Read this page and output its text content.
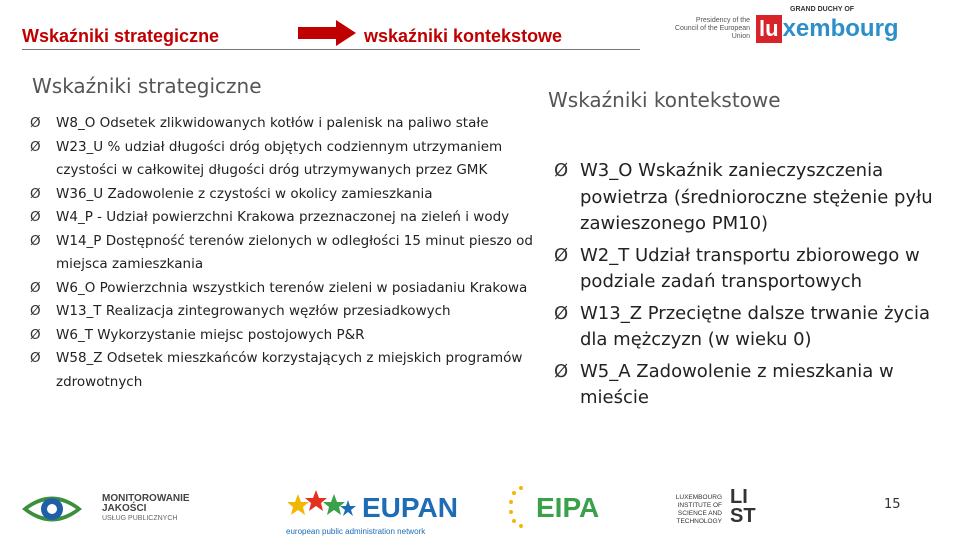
Wskaźniki strategiczne	wskaźniki kontekstowe
Presidency of the Council of the European Union
GRAND DUCHY OF
lu xembourg
Wskaźniki strategiczne
Wskaźniki kontekstowe
Ø W8_O Odsetek zlikwidowanych kotłów i palenisk na paliwo stałe
Ø W23_U % udział długości dróg objętych codziennym utrzymaniem czystości w całkowitej długości dróg utrzymywanych przez GMK
Ø W36_U Zadowolenie z czystości w okolicy zamieszkania
Ø W4_P - Udział powierzchni Krakowa przeznaczonej na zieleń i wody
Ø W14_P Dostępność terenów zielonych w odległości 15 minut pieszo od miejsca zamieszkania
Ø W6_O Powierzchnia wszystkich terenów zieleni w posiadaniu Krakowa
Ø W13_T Realizacja zintegrowanych węzłów przesiadkowych
Ø W6_T Wykorzystanie miejsc postojowych P&R
Ø W58_Z Odsetek mieszkańców korzystających z miejskich programów zdrowotnych
Ø W3_O Wskaźnik zanieczyszczenia powietrza (średnioroczne stężenie pyłu zawieszonego PM10)
Ø W2_T Udział transportu zbiorowego w podziale zadań transportowych
Ø W13_Z Przeciętne dalsze trwanie życia dla mężczyzn (w wieku 0)
Ø W5_A Zadowolenie z mieszkania w mieście
MONITOROWANIE
JAKOŚCI
USŁUG PUBLICZNYCH	EUPAN
european public administration network
EIPA	LUXEMBOURG INSTITUTE OF SCIENCE AND TECHNOLOGY
LI
ST
15
